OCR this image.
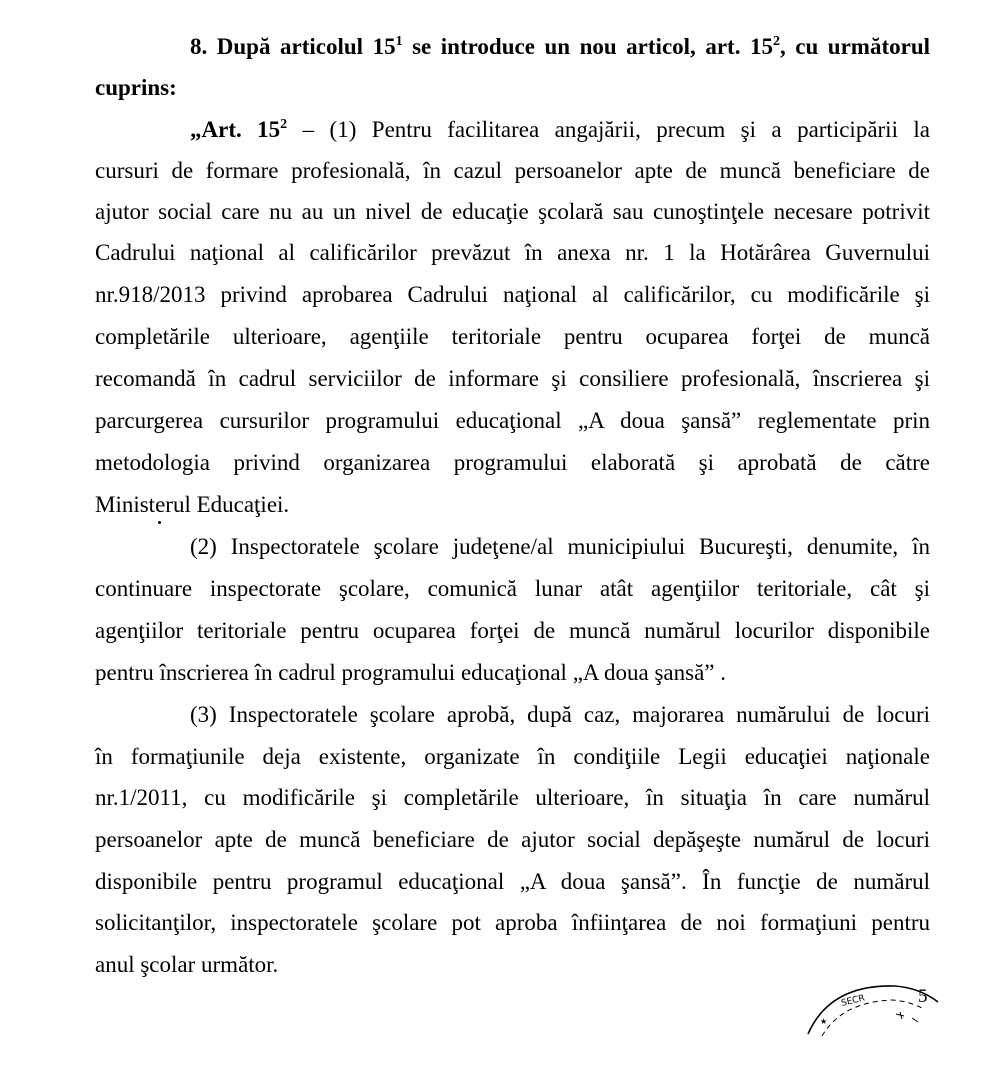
8. După articolul $15^1$ se introduce un nou articol, art. $15^2$, cu următorul
cuprins:
„Art. $15^2 - (1)$ Pentru facilitarea angajării, precum şi a participării la
cursuri de formare profesională, în cazul persoanelor apte de muncă beneficiare de
ajutor social care nu au un nivel de educaţie şcolară sau cunoştinţele necesare potrivit
Cadrului naţional al calificărilor prevăzut în anexa nr. 1 la Hotărârea Guvernului
nr.918/2013 privind aprobarea Cadrului naţional al calificărilor, cu modificările şi
completările ulterioare, agenţiile teritoriale pentru ocuparea forţei de muncă
recomandă în cadrul serviciilor de informare şi consiliere profesională, înscrierea şi
parcurgerea cursurilor programului educaţional „A doua şansă” reglementate prin
metodologia privind organizarea programului elaborată şi aprobată de către
Ministerul Educaţiei.
(2) Inspectoratele şcolare judeţene/al municipiului Bucureşti, denumite, în
continuare inspectorate şcolare, comunică lunar atât agenţiilor teritoriale, cât şi
agenţiilor teritoriale pentru ocuparea forţei de muncă numărul locurilor disponibile
pentru înscrierea în cadrul programului educaţional „A doua şansă” .
(3) Inspectoratele şcolare aprobă, după caz, majorarea numărului de locuri
în formaţiunile deja existente, organizate în condiţiile Legii educaţiei naţionale
nr.1/2011, cu modificările şi completările ulterioare, în situaţia în care numărul
persoanelor apte de muncă beneficiare de ajutor social depăşeşte numărul de locuri
disponibile pentru programul educaţional „A doua şansă”. În funcţie de numărul
solicitanţilor, inspectoratele şcolare pot aproba înfiinţarea de noi formaţiuni pentru
anul şcolar următor.
SECR
★
5
